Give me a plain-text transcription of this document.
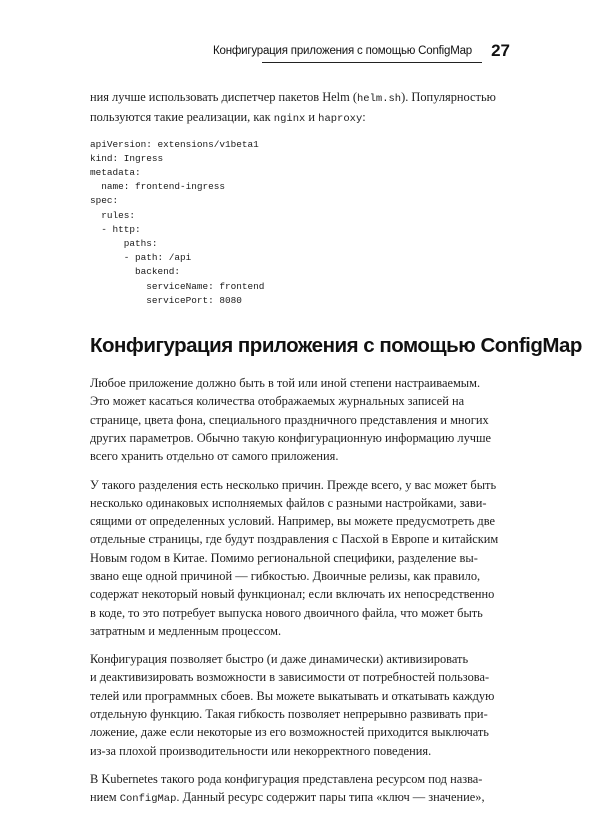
Конфигурация приложения с помощью ConfigMap 27

ния лучше использовать диспетчер пакетов Helm (helm.sh). Популярностью
пользуются такие реализации, как nginx и haproxy:

apiVersion: extensions/v1beta1
kind: Ingress
metadata:
name: frontend-ingress
spec:
rules:
- http:
paths:
- path: /api
backend:
serviceName: frontend
servicePort: 8080
Конфигурация приложения с помощью ConfigMap

Любое приложение должно быть в той или иной степени настраиваемым.
Это может касаться количества отображаемых журнальных записей на
странице, цвета фона, специального праздничного представления и многих
других параметров. Обычно такую конфигурационную информацию лучше
всего хранить отдельно от самого приложения.

У такого разделения есть несколько причин. Прежде всего, у вас может быть
несколько одинаковых исполняемых файлов с разными настройками, зави-
сящими от определенных условий. Например, вы можете предусмотреть две
отдельные страницы, где будут поздравления с Пасхой в Европе и китайским
Новым годом в Китае. Помимо региональной специфики, разделение вы-
звано еще одной причиной — гибкостью. Двоичные релизы, как правило,
содержат некоторый новый функционал; если включать их непосредственно
в коде, то это потребует выпуска нового двоичного файла, что может быть
затратным и медленным процессом.

Конфигурация позволяет быстро (и даже динамически) активизировать
и деактивизировать возможности в зависимости от потребностей пользова-
телей или программных сбоев. Вы можете выкатывать и откатывать каждую
отдельную функцию. Такая гибкость позволяет непрерывно развивать при-
ложение, даже если некоторые из его возможностей приходится выключать
из-за плохой производительности или некорректного поведения.

В Kubernetes такого рода конфигурация представлена ресурсом под назва-
нием ConfigMap. Данный ресурс содержит пары типа «ключ — значение»,
